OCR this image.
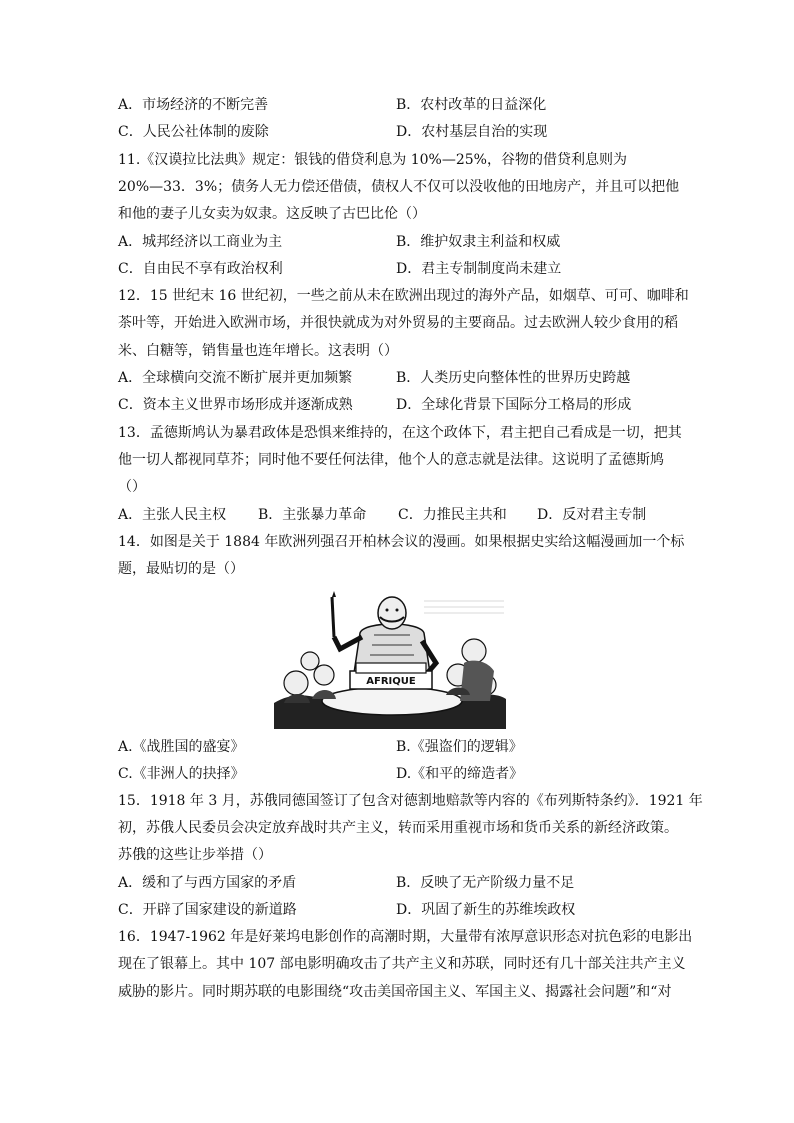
A．市场经济的不断完善	B．农村改革的日益深化
C．人民公社体制的废除	D．农村基层自治的实现
11.《汉谟拉比法典》规定：银钱的借贷利息为 10%—25%，谷物的借贷利息则为
20%—33．3%；债务人无力偿还借债，债权人不仅可以没收他的田地房产，并且可以把他
和他的妻子儿女卖为奴隶。这反映了古巴比伦（）
A．城邦经济以工商业为主	B．维护奴隶主利益和权威
C．自由民不享有政治权利	D．君主专制制度尚未建立
12．15 世纪末 16 世纪初，一些之前从未在欧洲出现过的海外产品，如烟草、可可、咖啡和
茶叶等，开始进入欧洲市场，并很快就成为对外贸易的主要商品。过去欧洲人较少食用的稻
米、白糖等，销售量也连年增长。这表明（）
A．全球横向交流不断扩展并更加频繁	B．人类历史向整体性的世界历史跨越
C．资本主义世界市场形成并逐渐成熟	D．全球化背景下国际分工格局的形成
13．孟德斯鸠认为暴君政体是恐惧来维持的，在这个政体下，君主把自己看成是一切，把其
他一切人都视同草芥；同时他不要任何法律，他个人的意志就是法律。这说明了孟德斯鸠
（）
A．主张人民主权 B．主张暴力革命 C．力推民主共和 D．反对君主专制
14．如图是关于 1884 年欧洲列强召开柏林会议的漫画。如果根据史实给这幅漫画加一个标
题，最贴切的是（）
AFRIQUE
A.《战胜国的盛宴》	B.《强盗们的逻辑》
C.《非洲人的抉择》	D.《和平的缔造者》
15．1918 年 3 月，苏俄同德国签订了包含对德割地赔款等内容的《布列斯特条约》．1921 年
初，苏俄人民委员会决定放弃战时共产主义，转而采用重视市场和货币关系的新经济政策。
苏俄的这些让步举措（）
A．缓和了与西方国家的矛盾	B．反映了无产阶级力量不足
C．开辟了国家建设的新道路	D．巩固了新生的苏维埃政权
16．1947-1962 年是好莱坞电影创作的高潮时期，大量带有浓厚意识形态对抗色彩的电影出
现在了银幕上。其中 107 部电影明确攻击了共产主义和苏联，同时还有几十部关注共产主义
威胁的影片。同时期苏联的电影围绕“攻击美国帝国主义、军国主义、揭露社会问题”和“对
